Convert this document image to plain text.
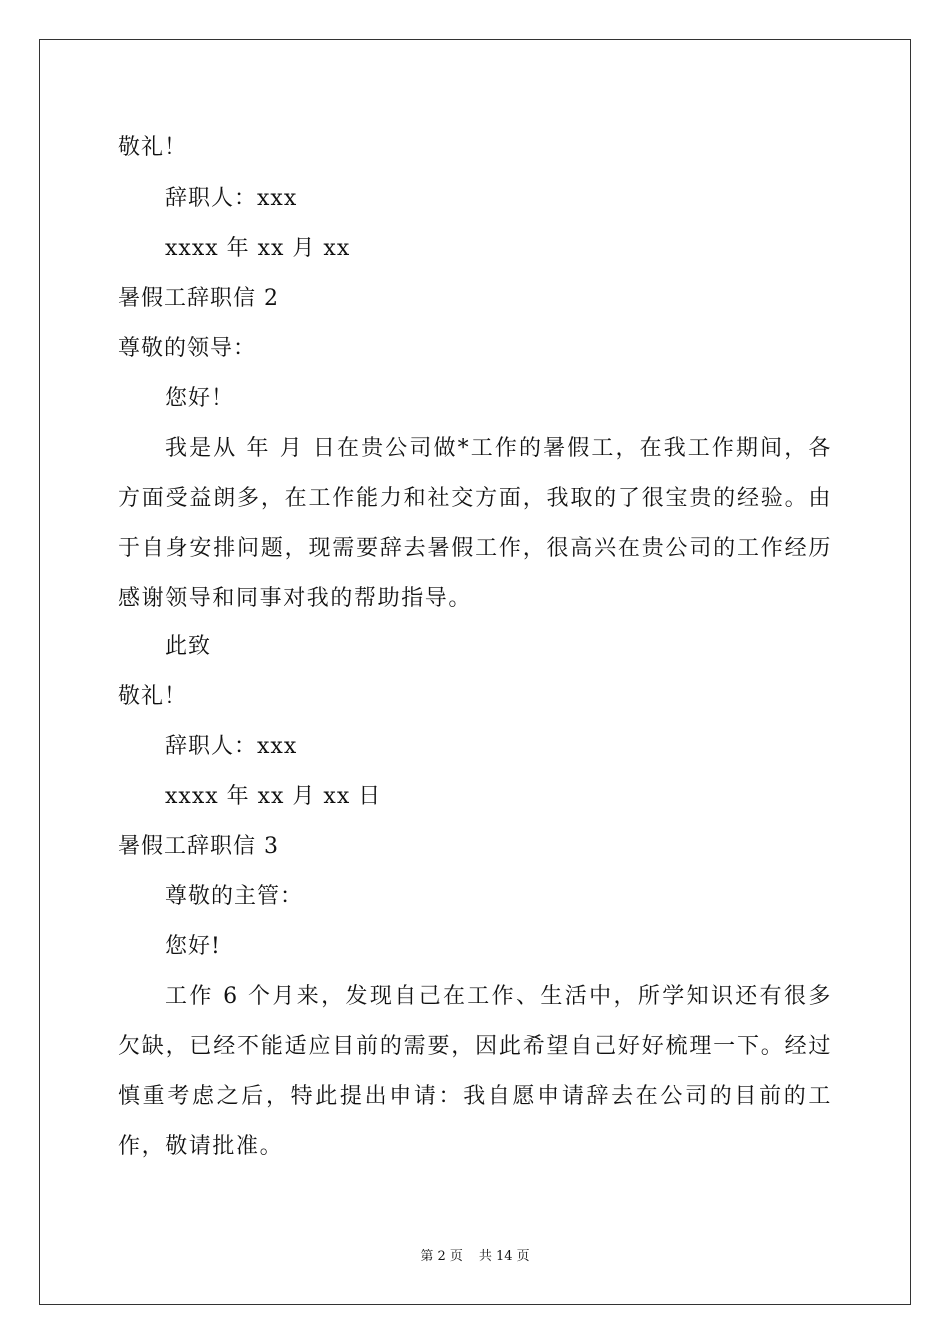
敬礼！
辞职人：xxx
xxxx 年 xx 月 xx
暑假工辞职信 2
尊敬的领导：
您好！
我是从 年 月 日在贵公司做*工作的暑假工，在我工作期间，各方面受益朗多，在工作能力和社交方面，我取的了很宝贵的经验。由于自身安排问题，现需要辞去暑假工作，很高兴在贵公司的工作经历感谢领导和同事对我的帮助指导。
此致
敬礼！
辞职人：xxx
xxxx 年 xx 月 xx 日
暑假工辞职信 3
尊敬的主管：
您好!
工作 6 个月来，发现自己在工作、生活中，所学知识还有很多欠缺，已经不能适应目前的需要，因此希望自己好好梳理一下。经过慎重考虑之后，特此提出申请：我自愿申请辞去在公司的目前的工作，敬请批准。
第 2 页 共 14 页
